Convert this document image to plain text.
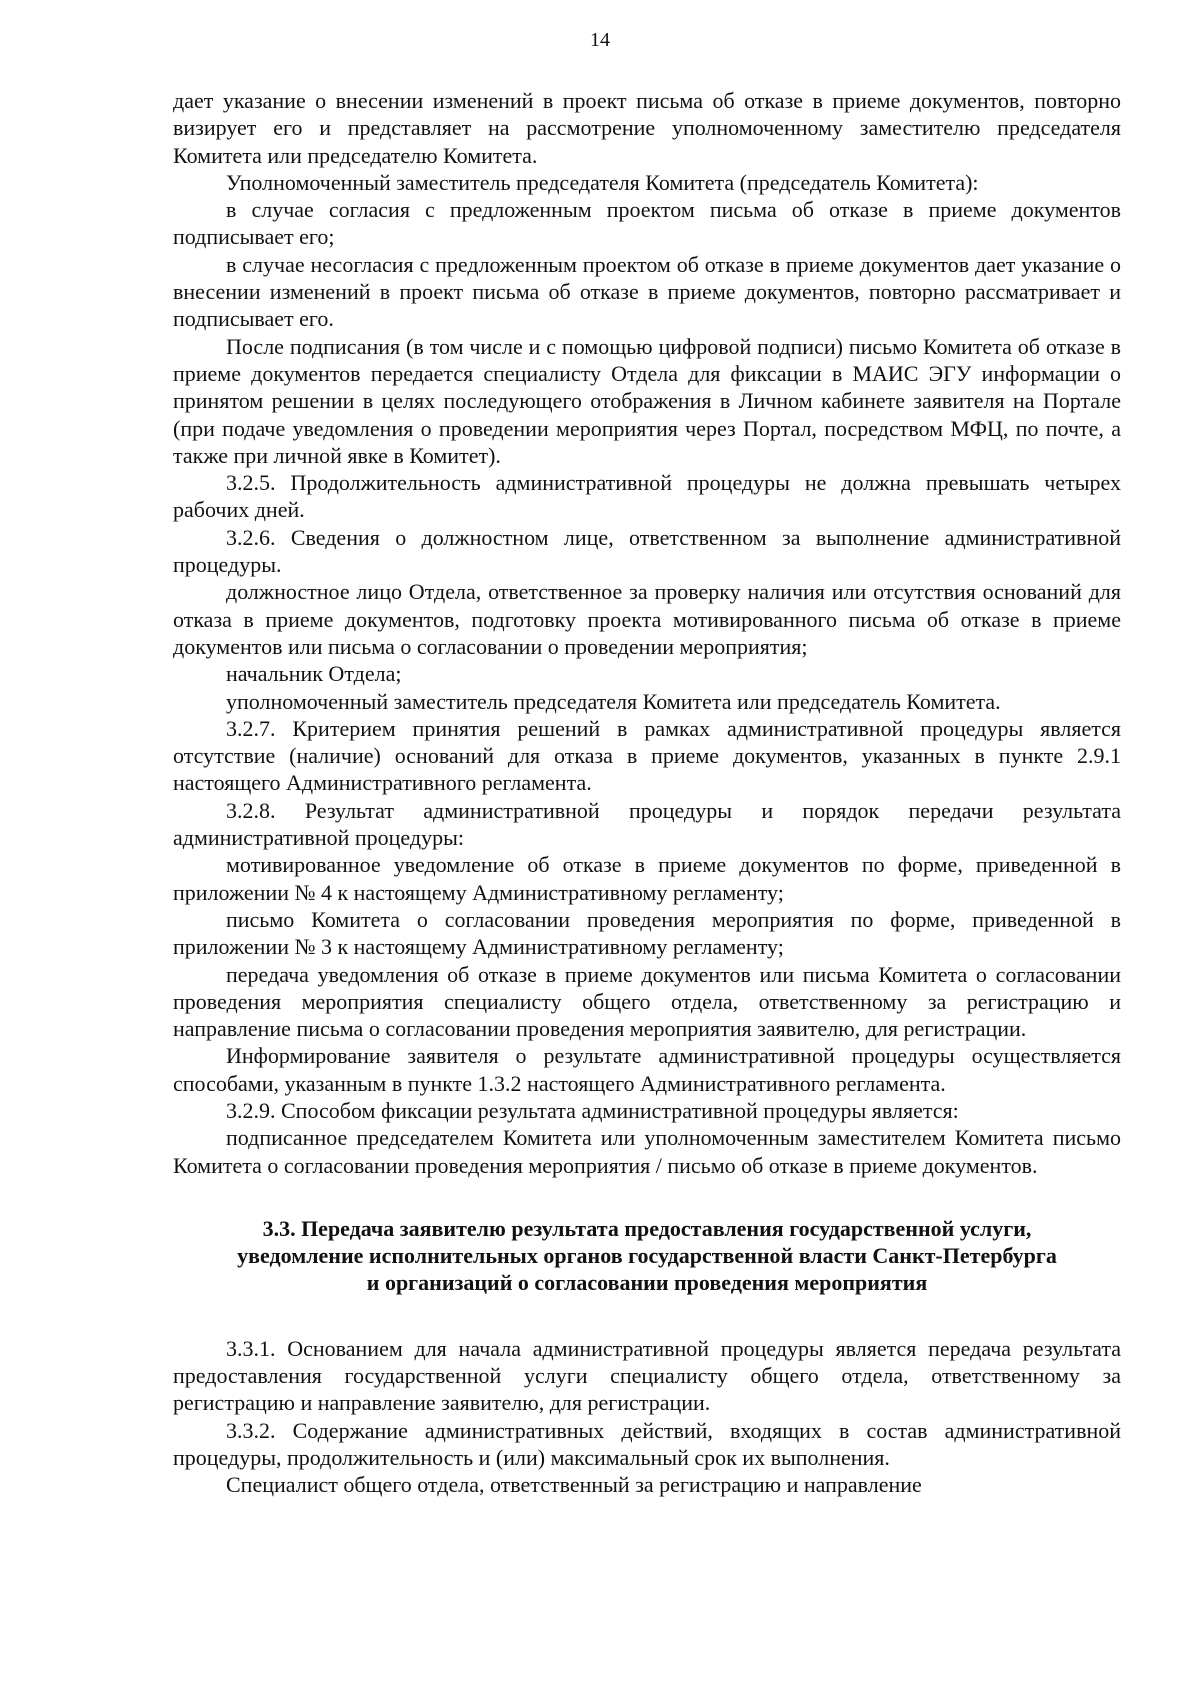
14

дает указание о внесении изменений в проект письма об отказе в приеме документов, повторно визирует его и представляет на рассмотрение уполномоченному заместителю председателя Комитета или председателю Комитета.

Уполномоченный заместитель председателя Комитета (председатель Комитета):

в случае согласия с предложенным проектом письма об отказе в приеме документов подписывает его;

в случае несогласия с предложенным проектом об отказе в приеме документов дает указание о внесении изменений в проект письма об отказе в приеме документов, повторно рассматривает и подписывает его.

После подписания (в том числе и с помощью цифровой подписи) письмо Комитета об отказе в приеме документов передается специалисту Отдела для фиксации в МАИС ЭГУ информации о принятом решении в целях последующего отображения в Личном кабинете заявителя на Портале (при подаче уведомления о проведении мероприятия через Портал, посредством МФЦ, по почте, а также при личной явке в Комитет).

3.2.5. Продолжительность административной процедуры не должна превышать четырех рабочих дней.

3.2.6. Сведения о должностном лице, ответственном за выполнение административной процедуры.

должностное лицо Отдела, ответственное за проверку наличия или отсутствия оснований для отказа в приеме документов, подготовку проекта мотивированного письма об отказе в приеме документов или письма о согласовании о проведении мероприятия;

начальник Отдела;

уполномоченный заместитель председателя Комитета или председатель Комитета.

3.2.7. Критерием принятия решений в рамках административной процедуры является отсутствие (наличие) оснований для отказа в приеме документов, указанных в пункте 2.9.1 настоящего Административного регламента.

3.2.8. Результат административной процедуры и порядок передачи результата административной процедуры:

мотивированное уведомление об отказе в приеме документов по форме, приведенной в приложении № 4 к настоящему Административному регламенту;

письмо Комитета о согласовании проведения мероприятия по форме, приведенной в приложении № 3 к настоящему Административному регламенту;

передача уведомления об отказе в приеме документов или письма Комитета о согласовании проведения мероприятия специалисту общего отдела, ответственному за регистрацию и направление письма о согласовании проведения мероприятия заявителю, для регистрации.

Информирование заявителя о результате административной процедуры осуществляется способами, указанным в пункте 1.3.2 настоящего Административного регламента.

3.2.9. Способом фиксации результата административной процедуры является:

подписанное председателем Комитета или уполномоченным заместителем Комитета письмо Комитета о согласовании проведения мероприятия / письмо об отказе в приеме документов.

3.3. Передача заявителю результата предоставления государственной услуги,
уведомление исполнительных органов государственной власти Санкт-Петербурга
и организаций о согласовании проведения мероприятия

3.3.1. Основанием для начала административной процедуры является передача результата предоставления государственной услуги специалисту общего отдела, ответственному за регистрацию и направление заявителю, для регистрации.

3.3.2. Содержание административных действий, входящих в состав административной процедуры, продолжительность и (или) максимальный срок их выполнения.

Специалист общего отдела, ответственный за регистрацию и направление
